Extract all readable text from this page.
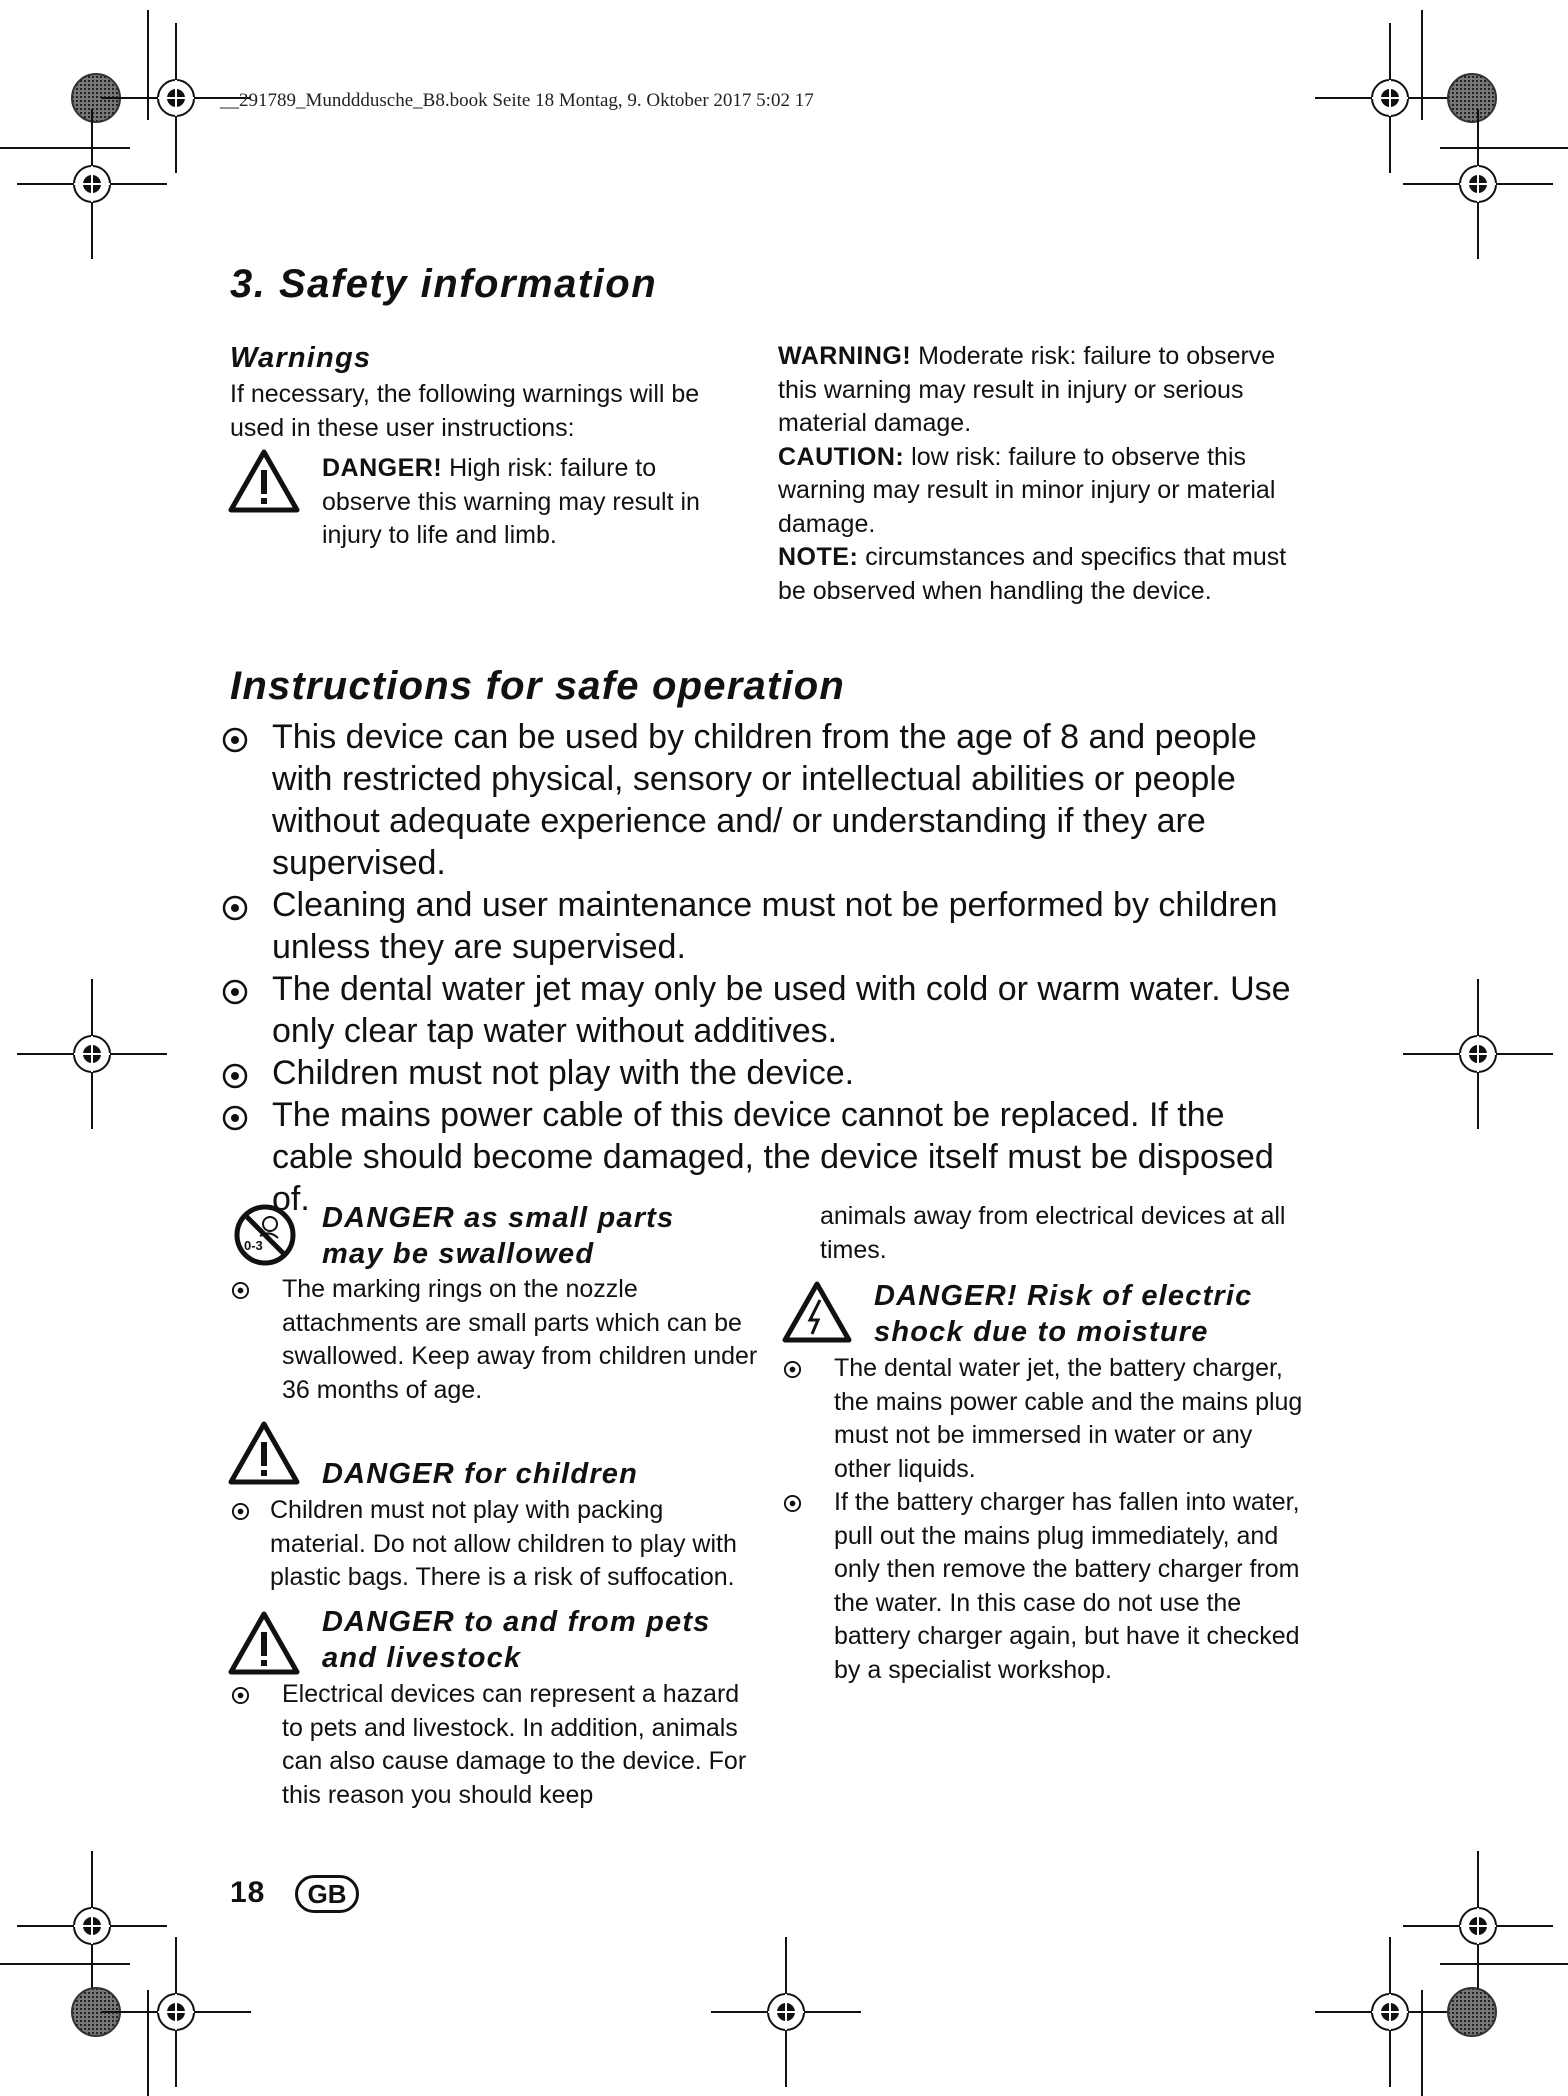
__291789_Mundddusche_B8.book Seite 18 Montag, 9. Oktober 2017 5:02 17
3. Safety information
Warnings
If necessary, the following warnings will be used in these user instructions:
DANGER! High risk: failure to observe this warning may result in injury to life and limb.
WARNING! Moderate risk: failure to observe this warning may result in injury or serious material damage.
CAUTION: low risk: failure to observe this warning may result in minor injury or material damage.
NOTE: circumstances and specifics that must be observed when handling the device.
Instructions for safe operation
This device can be used by children from the age of 8 and people with restricted physical, sensory or intellectual abilities or people without adequate experience and/ or understanding if they are supervised.
Cleaning and user maintenance must not be performed by children unless they are supervised.
The dental water jet may only be used with cold or warm water. Use only clear tap water without additives.
Children must not play with the device.
The mains power cable of this device cannot be replaced. If the cable should become damaged, the device itself must be disposed of.
0-3
DANGER as small parts may be swallowed
The marking rings on the nozzle attachments are small parts which can be swallowed. Keep away from children under 36 months of age.
DANGER for children
Children must not play with packing material. Do not allow children to play with plastic bags. There is a risk of suffocation.
DANGER to and from pets and livestock
Electrical devices can represent a hazard to pets and livestock. In addition, animals can also cause damage to the device. For this reason you should keep
animals away from electrical devices at all times.
DANGER! Risk of electric shock due to moisture
The dental water jet, the battery charger, the mains power cable and the mains plug must not be immersed in water or any other liquids.
If the battery charger has fallen into water, pull out the mains plug immediately, and only then remove the battery charger from the water. In this case do not use the battery charger again, but have it checked by a specialist workshop.
18	GB
